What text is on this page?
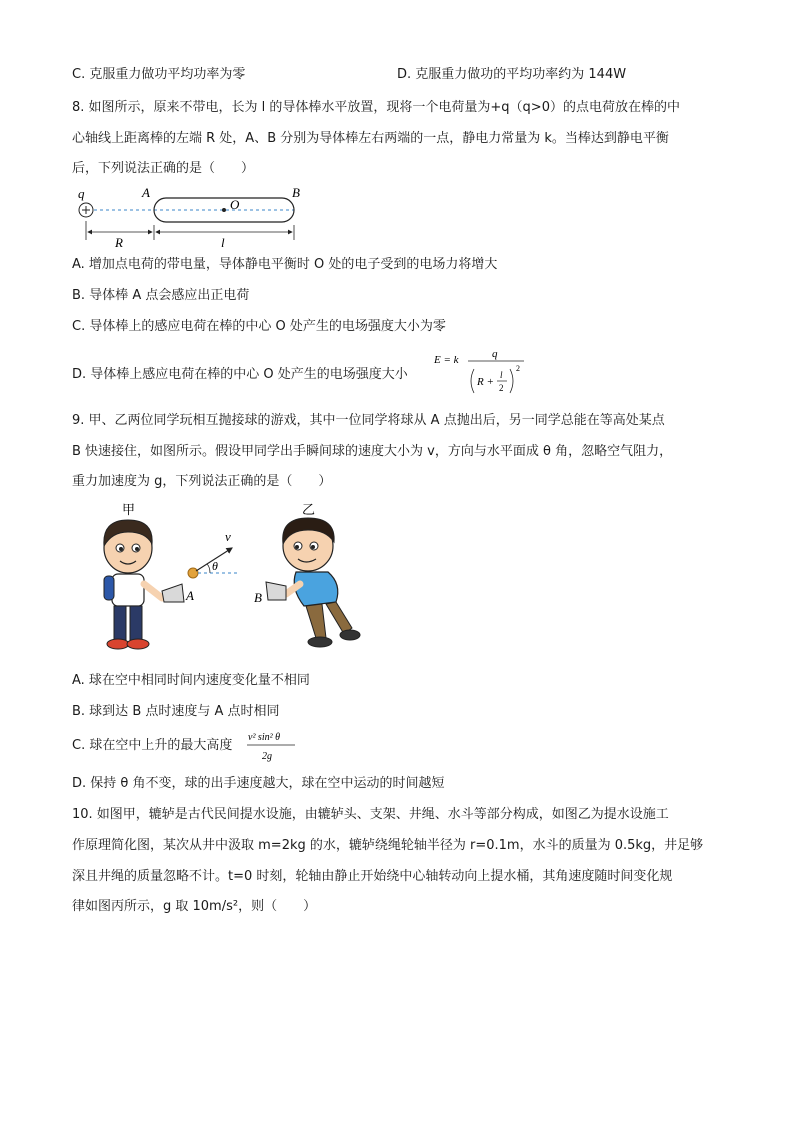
C. 克服重力做功平均功率为零	D. 克服重力做功的平均功率约为 144W
8. 如图所示，原来不带电，长为 l 的导体棒水平放置，现将一个电荷量为+q（q>0）的点电荷放在棒的中
心轴线上距离棒的左端 R 处，A、B 分别为导体棒左右两端的一点，静电力常量为 k。当棒达到静电平衡
后，下列说法正确的是（　　）
q	A	B
O
R	l
A. 增加点电荷的带电量，导体静电平衡时 O 处的电子受到的电场力将增大
B. 导体棒 A 点会感应出正电荷
C. 导体棒上的感应电荷在棒的中心 O 处产生的电场强度大小为零
D. 导体棒上感应电荷在棒的中心 O 处产生的电场强度大小
E = k	q
R +
l
2
2
9. 甲、乙两位同学玩相互抛接球的游戏，其中一位同学将球从 A 点抛出后，另一同学总能在等高处某点
B 快速接住，如图所示。假设甲同学出手瞬间球的速度大小为 v，方向与水平面成 θ 角，忽略空气阻力，
重力加速度为 g，下列说法正确的是（　　）
甲	乙
v
θ
A	B
A. 球在空中相同时间内速度变化量不相同
B. 球到达 B 点时速度与 A 点时相同
C. 球在空中上升的最大高度
v² sin² θ
2g
D. 保持 θ 角不变，球的出手速度越大，球在空中运动的时间越短
10. 如图甲，辘轳是古代民间提水设施，由辘轳头、支架、井绳、水斗等部分构成，如图乙为提水设施工
作原理简化图，某次从井中汲取 m=2kg 的水，辘轳绕绳轮轴半径为 r=0.1m，水斗的质量为 0.5kg，井足够
深且井绳的质量忽略不计。t=0 时刻，轮轴由静止开始绕中心轴转动向上提水桶，其角速度随时间变化规
律如图丙所示，g 取 10m/s²，则（　　）
